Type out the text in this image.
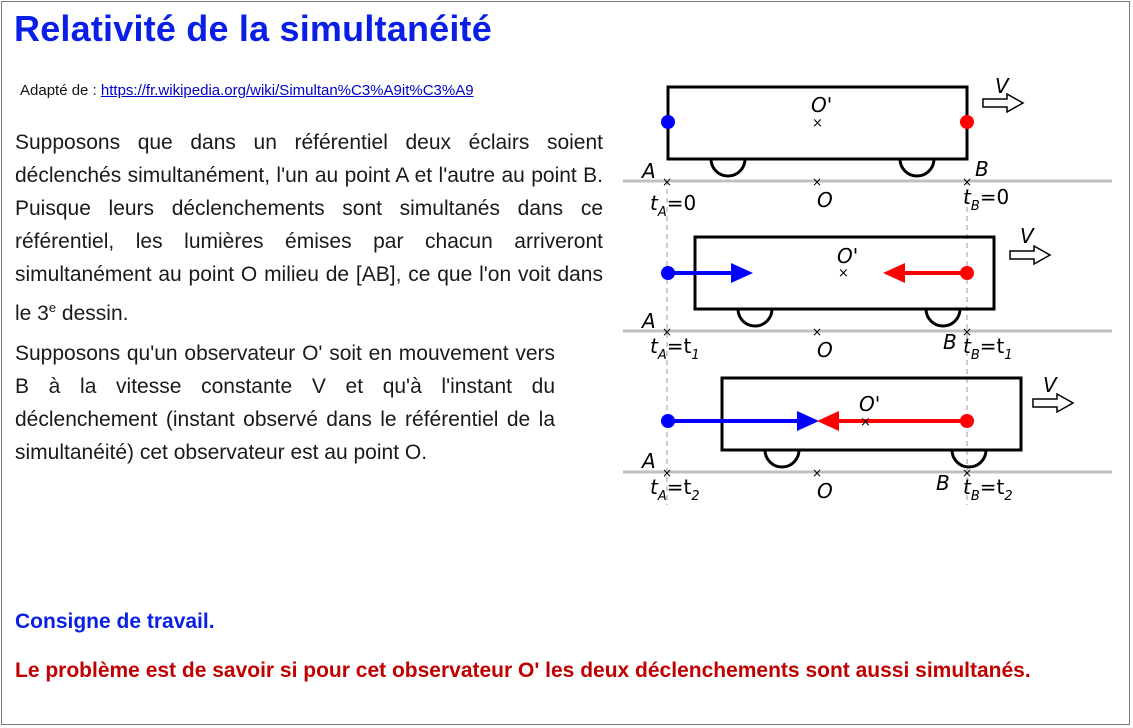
Relativité de la simultanéité
Adapté de : https://fr.wikipedia.org/wiki/Simultan%C3%A9it%C3%A9

Supposons que dans un référentiel deux éclairs soient déclenchés simultanément, l'un au point A et l'autre au point B. Puisque leurs déclenchements sont simultanés dans ce référentiel, les lumières émises par chacun arriveront simultanément au point O milieu de [AB], ce que l'on voit dans le 3e dessin.

Supposons qu'un observateur O' soit en mouvement vers B à la vitesse constante V et qu'à l'instant du déclenchement (instant observé dans le référentiel de la simultanéité) cet observateur est au point O.

Consigne de travail.

Le problème est de savoir si pour cet observateur O' les deux déclenchements sont aussi simultanés.

O'
×
V
A	B
×	×	×
O
$t_A=0$	$t_B=0$
O'
×
V
A
B
×	×	×
O
$t_A=t_1$	$t_B=t_1$
O'
×
V
A
B
×	×	×
O
$t_A=t_2$	$t_B=t_2$
